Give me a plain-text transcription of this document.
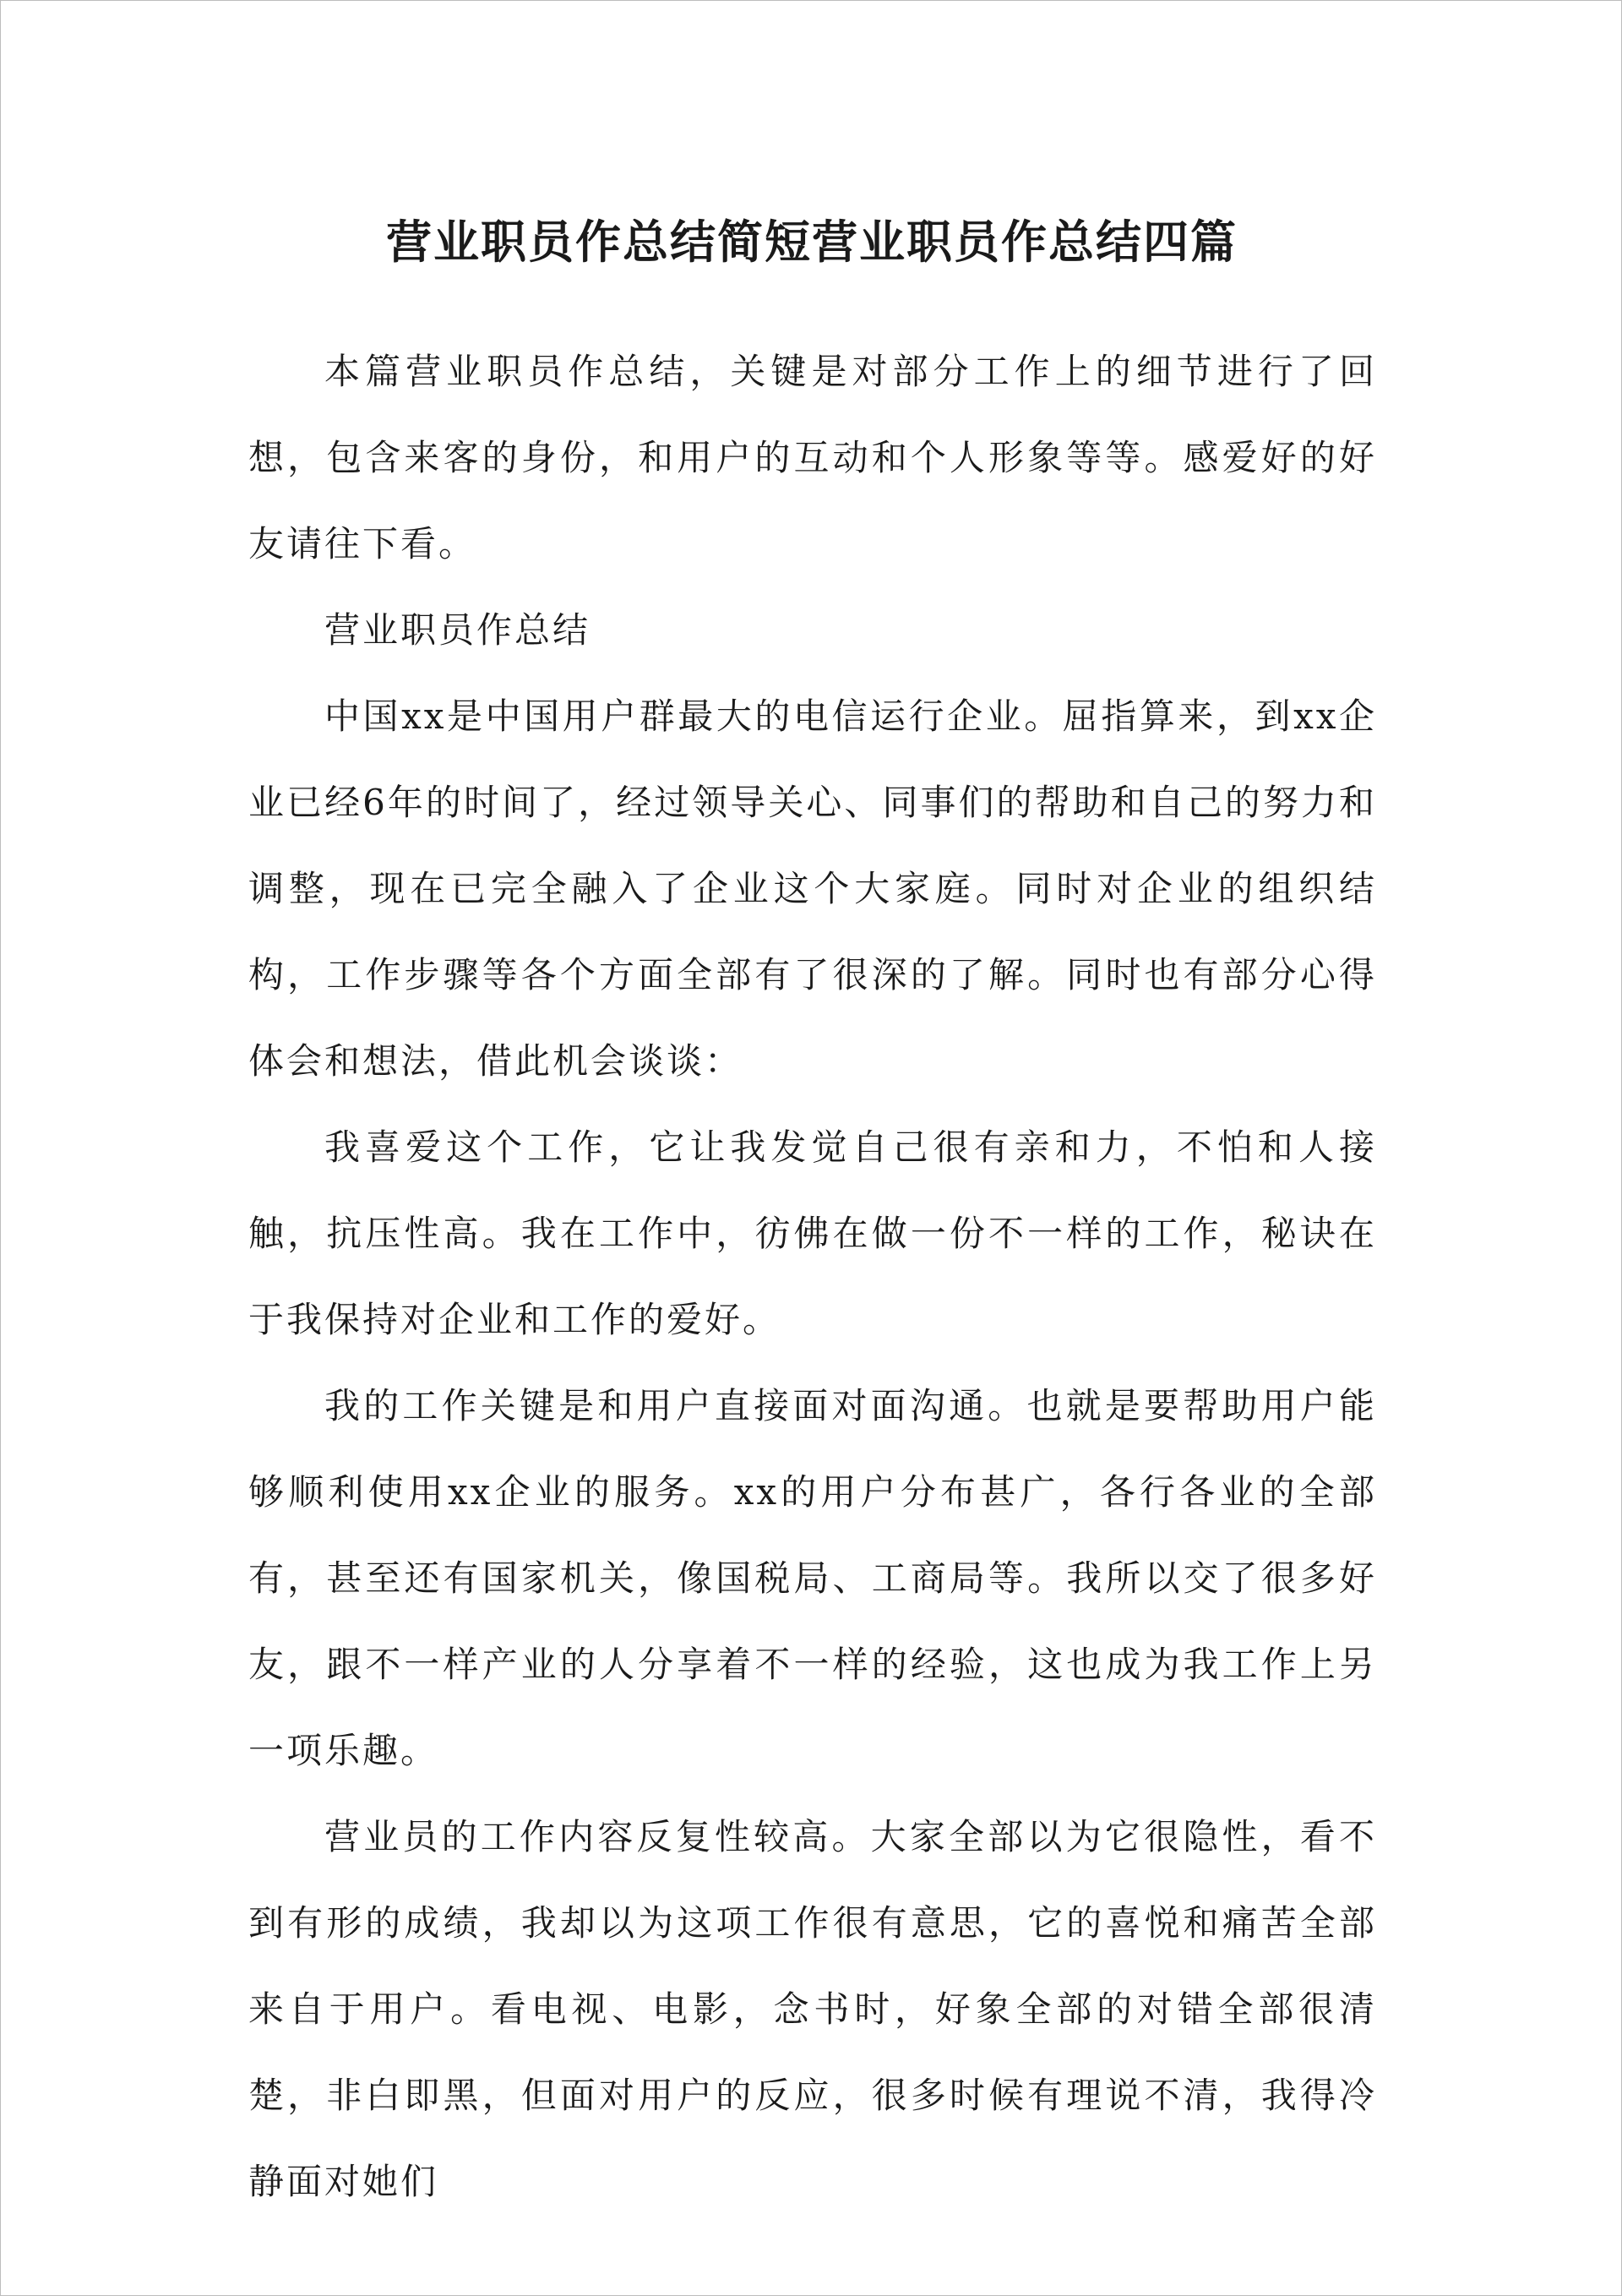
营业职员作总结简短营业职员作总结四篇

本篇营业职员作总结，关键是对部分工作上的细节进行了回想，包含来客的身份，和用户的互动和个人形象等等。感爱好的好友请往下看。

营业职员作总结

中国xx是中国用户群最大的电信运行企业。屈指算来，到xx企业已经6年的时间了，经过领导关心、同事们的帮助和自己的努力和调整，现在已完全融入了企业这个大家庭。同时对企业的组织结构，工作步骤等各个方面全部有了很深的了解。同时也有部分心得体会和想法，借此机会谈谈：

我喜爱这个工作，它让我发觉自己很有亲和力，不怕和人接触，抗压性高。我在工作中，彷佛在做一份不一样的工作，秘诀在于我保持对企业和工作的爱好。

我的工作关键是和用户直接面对面沟通。也就是要帮助用户能够顺利使用xx企业的服务。xx的用户分布甚广，各行各业的全部有，甚至还有国家机关，像国税局、工商局等。我所以交了很多好友，跟不一样产业的人分享着不一样的经验，这也成为我工作上另一项乐趣。

营业员的工作内容反复性较高。大家全部以为它很隐性，看不到有形的成绩，我却以为这项工作很有意思，它的喜悦和痛苦全部来自于用户。看电视、电影，念书时，好象全部的对错全部很清楚，非白即黑，但面对用户的反应，很多时候有理说不清，我得冷静面对她们
